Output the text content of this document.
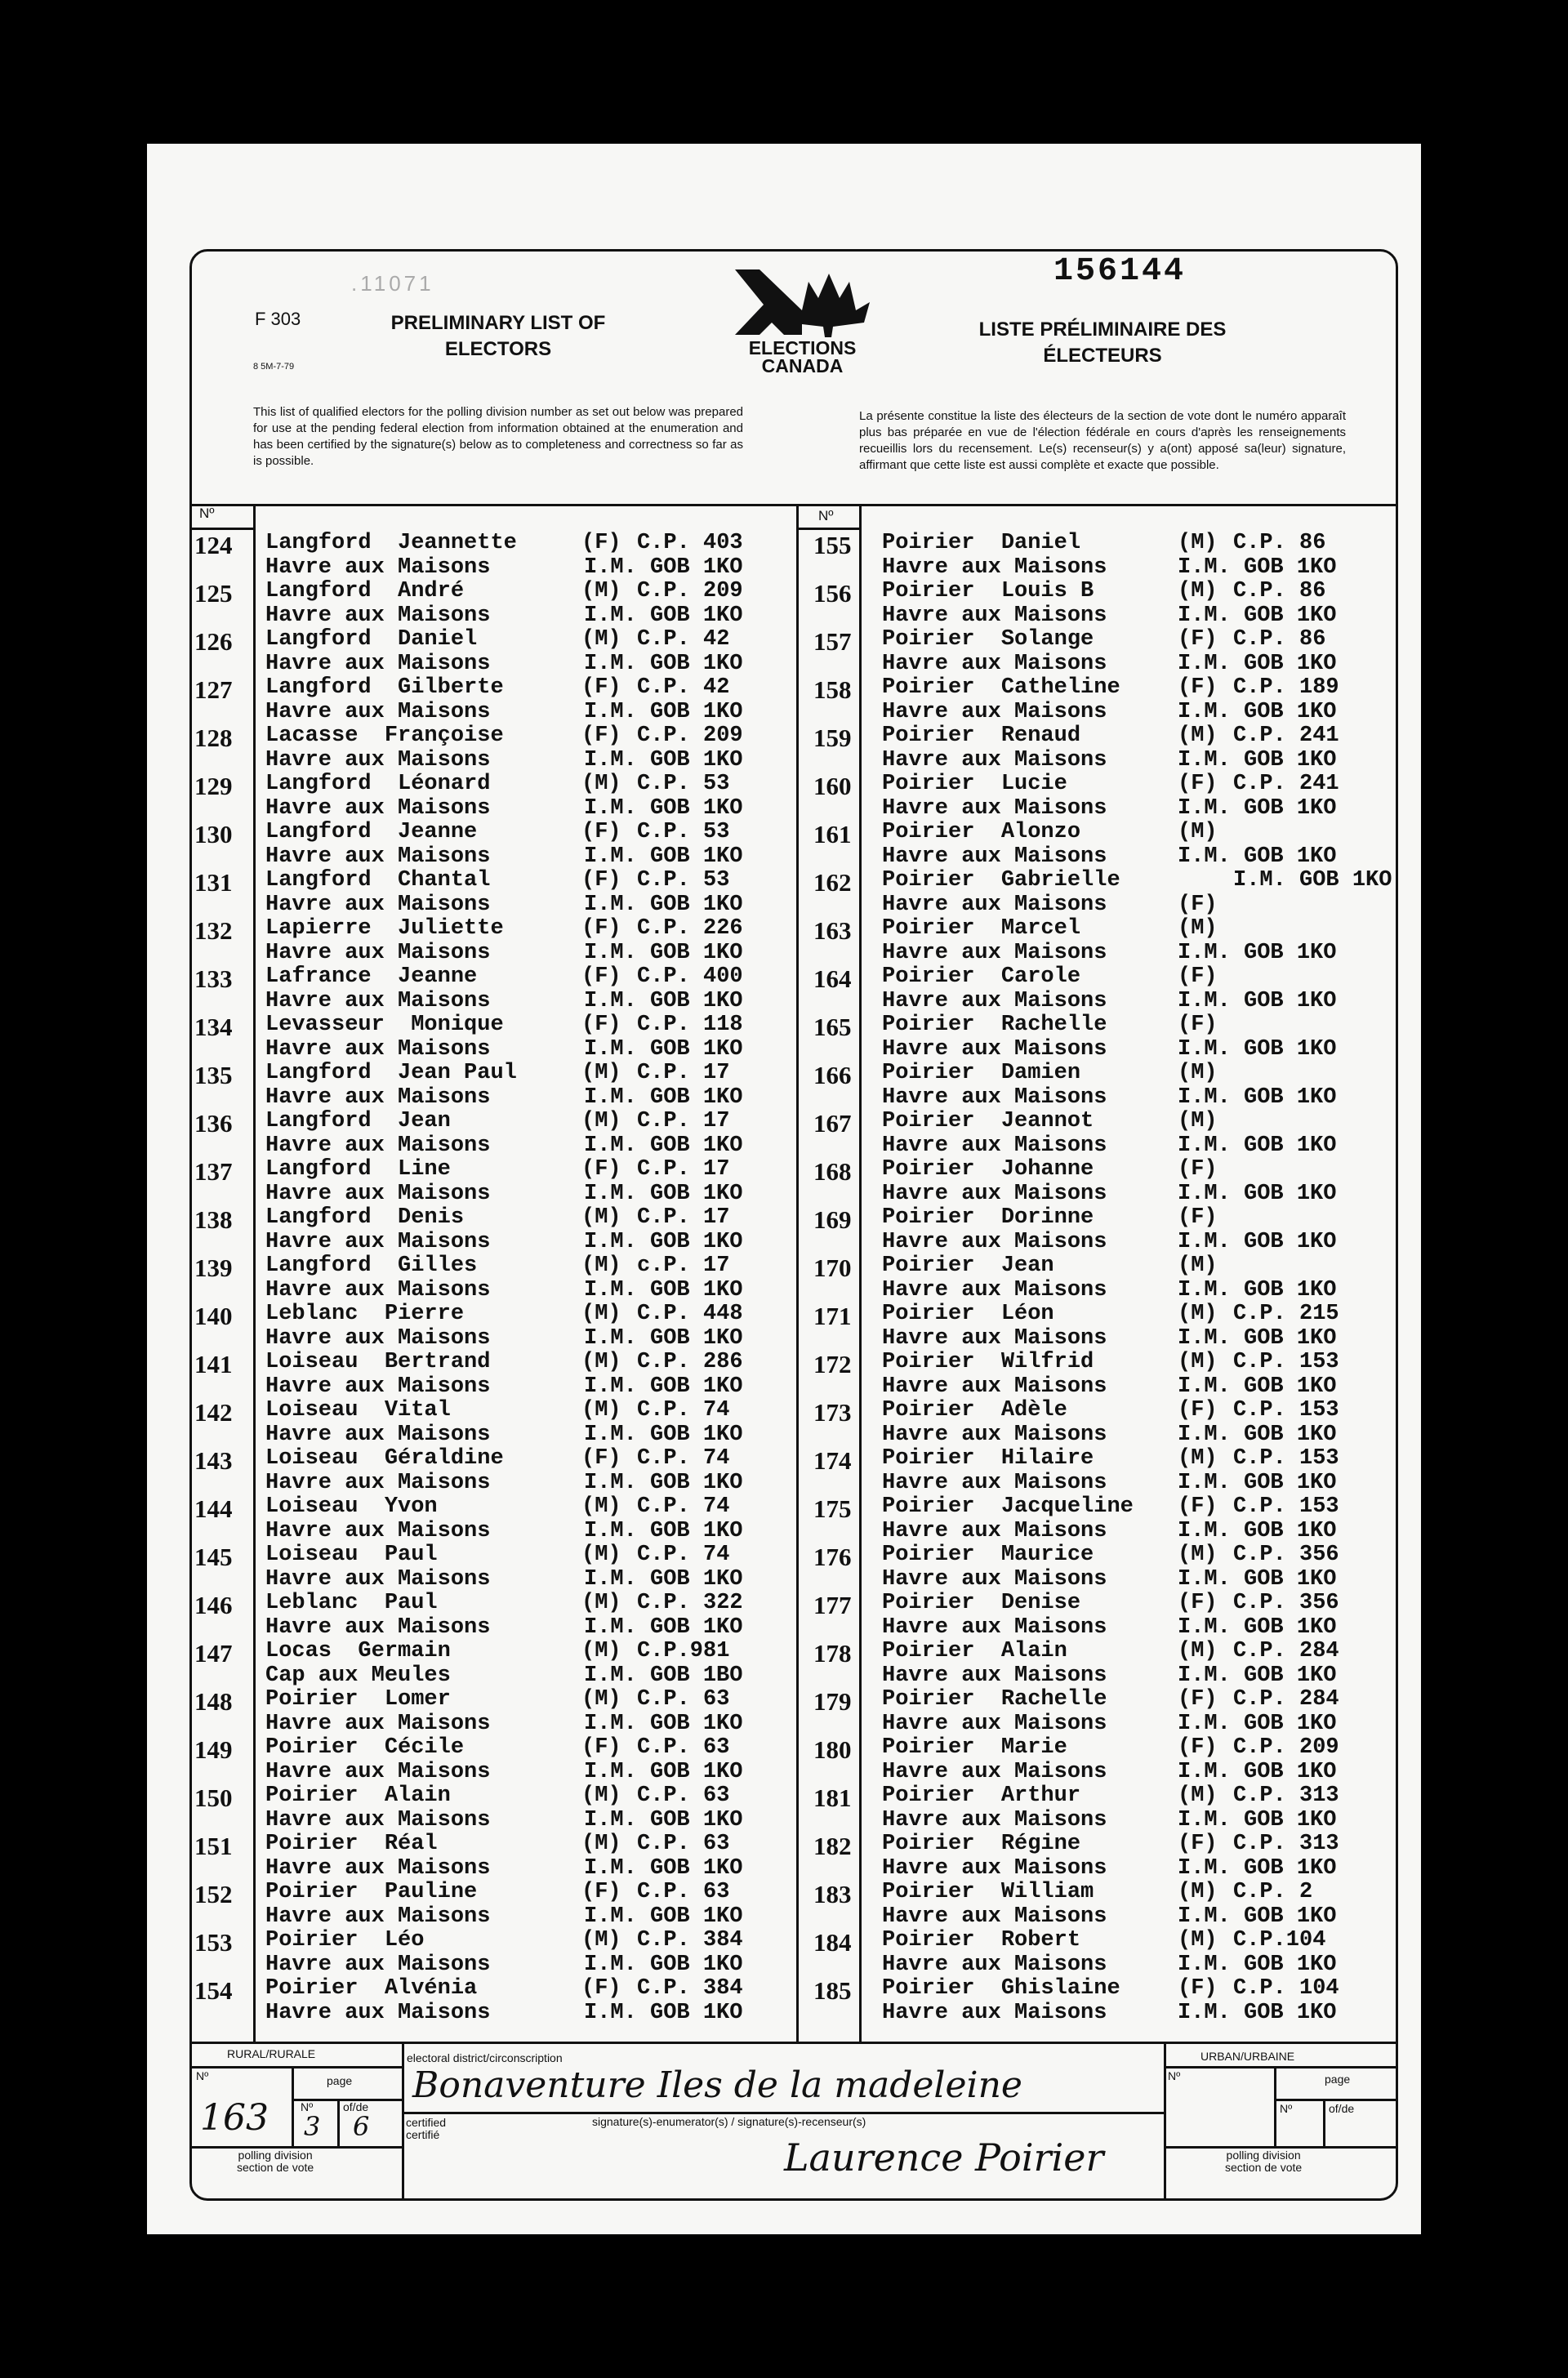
.11071	156144
F 303
8 5M-7-79
PRELIMINARY LIST OF
ELECTORS
LISTE PRÉLIMINAIRE DES
ÉLECTEURS
ELECTIONS
CANADA
This list of qualified electors for the polling division number as set out below was prepared for use at the pending federal election from information obtained at the enumeration and has been certified by the signature(s) below as to completeness and correctness so far as is possible.
La présente constitue la liste des électeurs de la section de vote dont le numéro apparaît plus bas préparée en vue de l'élection fédérale en cours d'après les renseignements recueillis lors du recensement. Le(s) recenseur(s) y a(ont) apposé sa(leur) signature, affirmant que cette liste est aussi complète et exacte que possible.
Nº	Nº
124 Langford  Jeannette	(F) C.P. 403
Havre aux Maisons	I.M. GOB 1KO
125 Langford  André	(M) C.P. 209
Havre aux Maisons	I.M. GOB 1KO
126 Langford  Daniel	(M) C.P. 42
Havre aux Maisons	I.M. GOB 1KO
127 Langford  Gilberte	(F) C.P. 42
Havre aux Maisons	I.M. GOB 1KO
128 Lacasse  Françoise	(F) C.P. 209
Havre aux Maisons	I.M. GOB 1KO
129 Langford  Léonard	(M) C.P. 53
Havre aux Maisons	I.M. GOB 1KO
130 Langford  Jeanne	(F) C.P. 53
Havre aux Maisons	I.M. GOB 1KO
131 Langford  Chantal	(F) C.P. 53
Havre aux Maisons	I.M. GOB 1KO
132 Lapierre  Juliette	(F) C.P. 226
Havre aux Maisons	I.M. GOB 1KO
133 Lafrance  Jeanne	(F) C.P. 400
Havre aux Maisons	I.M. GOB 1KO
134 Levasseur  Monique	(F) C.P. 118
Havre aux Maisons	I.M. GOB 1KO
135 Langford  Jean Paul	(M) C.P. 17
Havre aux Maisons	I.M. GOB 1KO
136 Langford  Jean	(M) C.P. 17
Havre aux Maisons	I.M. GOB 1KO
137 Langford  Line	(F) C.P. 17
Havre aux Maisons	I.M. GOB 1KO
138 Langford  Denis	(M) C.P. 17
Havre aux Maisons	I.M. GOB 1KO
139 Langford  Gilles	(M) c.P. 17
Havre aux Maisons	I.M. GOB 1KO
140 Leblanc  Pierre	(M) C.P. 448
Havre aux Maisons	I.M. GOB 1KO
141 Loiseau  Bertrand	(M) C.P. 286
Havre aux Maisons	I.M. GOB 1KO
142 Loiseau  Vital	(M) C.P. 74
Havre aux Maisons	I.M. GOB 1KO
143 Loiseau  Géraldine	(F) C.P. 74
Havre aux Maisons	I.M. GOB 1KO
144 Loiseau  Yvon	(M) C.P. 74
Havre aux Maisons	I.M. GOB 1KO
145 Loiseau  Paul	(M) C.P. 74
Havre aux Maisons	I.M. GOB 1KO
146 Leblanc  Paul	(M) C.P. 322
Havre aux Maisons	I.M. GOB 1KO
147 Locas  Germain	(M) C.P.981
Cap aux Meules	I.M. GOB 1BO
148 Poirier  Lomer	(M) C.P. 63
Havre aux Maisons	I.M. GOB 1KO
149 Poirier  Cécile	(F) C.P. 63
Havre aux Maisons	I.M. GOB 1KO
150 Poirier  Alain	(M) C.P. 63
Havre aux Maisons	I.M. GOB 1KO
151 Poirier  Réal	(M) C.P. 63
Havre aux Maisons	I.M. GOB 1KO
152 Poirier  Pauline	(F) C.P. 63
Havre aux Maisons	I.M. GOB 1KO
153 Poirier  Léo	(M) C.P. 384
Havre aux Maisons	I.M. GOB 1KO
154 Poirier  Alvénia	(F) C.P. 384
Havre aux Maisons	I.M. GOB 1KO
155 Poirier  Daniel	(M) C.P. 86
Havre aux Maisons	I.M. GOB 1KO
156 Poirier  Louis B	(M) C.P. 86
Havre aux Maisons	I.M. GOB 1KO
157 Poirier  Solange	(F) C.P. 86
Havre aux Maisons	I.M. GOB 1KO
158 Poirier  Catheline	(F) C.P. 189
Havre aux Maisons	I.M. GOB 1KO
159 Poirier  Renaud	(M) C.P. 241
Havre aux Maisons	I.M. GOB 1KO
160 Poirier  Lucie	(F) C.P. 241
Havre aux Maisons	I.M. GOB 1KO
161 Poirier  Alonzo	(M)
Havre aux Maisons	I.M. GOB 1KO
162 Poirier  Gabrielle	I.M. GOB 1KO
Havre aux Maisons	(F)
163 Poirier  Marcel	(M)
Havre aux Maisons	I.M. GOB 1KO
164 Poirier  Carole	(F)
Havre aux Maisons	I.M. GOB 1KO
165 Poirier  Rachelle	(F)
Havre aux Maisons	I.M. GOB 1KO
166 Poirier  Damien	(M)
Havre aux Maisons	I.M. GOB 1KO
167 Poirier  Jeannot	(M)
Havre aux Maisons	I.M. GOB 1KO
168 Poirier  Johanne	(F)
Havre aux Maisons	I.M. GOB 1KO
169 Poirier  Dorinne	(F)
Havre aux Maisons	I.M. GOB 1KO
170 Poirier  Jean	(M)
Havre aux Maisons	I.M. GOB 1KO
171 Poirier  Léon	(M) C.P. 215
Havre aux Maisons	I.M. GOB 1KO
172 Poirier  Wilfrid	(M) C.P. 153
Havre aux Maisons	I.M. GOB 1KO
173 Poirier  Adèle	(F) C.P. 153
Havre aux Maisons	I.M. GOB 1KO
174 Poirier  Hilaire	(M) C.P. 153
Havre aux Maisons	I.M. GOB 1KO
175 Poirier  Jacqueline (F) C.P. 153
Havre aux Maisons	I.M. GOB 1KO
176 Poirier  Maurice	(M) C.P. 356
Havre aux Maisons	I.M. GOB 1KO
177 Poirier  Denise	(F) C.P. 356
Havre aux Maisons	I.M. GOB 1KO
178 Poirier  Alain	(M) C.P. 284
Havre aux Maisons	I.M. GOB 1KO
179 Poirier  Rachelle	(F) C.P. 284
Havre aux Maisons	I.M. GOB 1KO
180 Poirier  Marie	(F) C.P. 209
Havre aux Maisons	I.M. GOB 1KO
181 Poirier  Arthur	(M) C.P. 313
Havre aux Maisons	I.M. GOB 1KO
182 Poirier  Régine	(F) C.P. 313
Havre aux Maisons	I.M. GOB 1KO
183 Poirier  William	(M) C.P. 2
Havre aux Maisons	I.M. GOB 1KO
184 Poirier  Robert	(M) C.P.104
Havre aux Maisons	I.M. GOB 1KO
185 Poirier  Ghislaine	(F) C.P. 104
Havre aux Maisons	I.M. GOB 1KO
RURAL/RURALE	URBAN/URBAINE
Nº	Nº
page	page
Nº	of/de	Nº	of/de
polling division
section de vote
polling division
section de vote
electoral district/circonscription
certified
certifié
signature(s)-enumerator(s) / signature(s)-recenseur(s)
163 3 6
Bonaventure Iles de la madeleine
Laurence Poirier
